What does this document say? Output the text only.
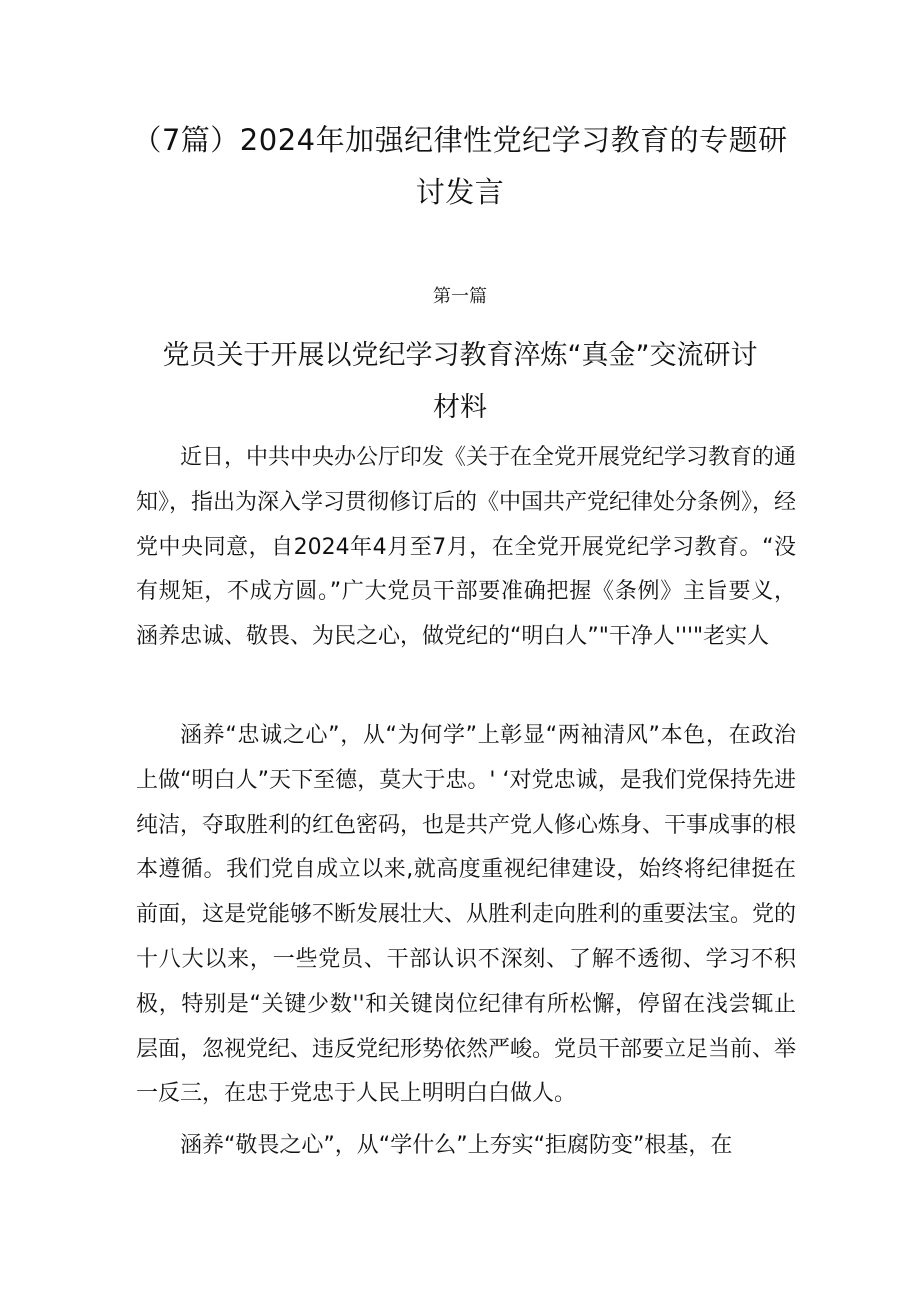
（7篇）2024年加强纪律性党纪学习教育的专题研讨发言
第一篇
党员关于开展以党纪学习教育淬炼“真金”交流研讨材料

近日，中共中央办公厅印发《关于在全党开展党纪学习教育的通知》，指出为深入学习贯彻修订后的《中国共产党纪律处分条例》，经党中央同意，自2024年4月至7月，在全党开展党纪学习教育。“没有规矩，不成方圆。”广大党员干部要准确把握《条例》主旨要义，涵养忠诚、敬畏、为民之心，做党纪的“明白人”"干净人'''"老实人

涵养“忠诚之心”，从“为何学”上彰显“两袖清风”本色，在政治上做“明白人”天下至德，莫大于忠。' ‘对党忠诚，是我们党保持先进纯洁，夺取胜利的红色密码，也是共产党人修心炼身、干事成事的根本遵循。我们党自成立以来,就高度重视纪律建设，始终将纪律挺在前面，这是党能够不断发展壮大、从胜利走向胜利的重要法宝。党的十八大以来，一些党员、干部认识不深刻、了解不透彻、学习不积极，特别是“关键少数''和关键岗位纪律有所松懈，停留在浅尝辄止层面，忽视党纪、违反党纪形势依然严峻。党员干部要立足当前、举一反三，在忠于党忠于人民上明明白白做人。

涵养“敬畏之心”，从“学什么”上夯实“拒腐防变”根基，在
